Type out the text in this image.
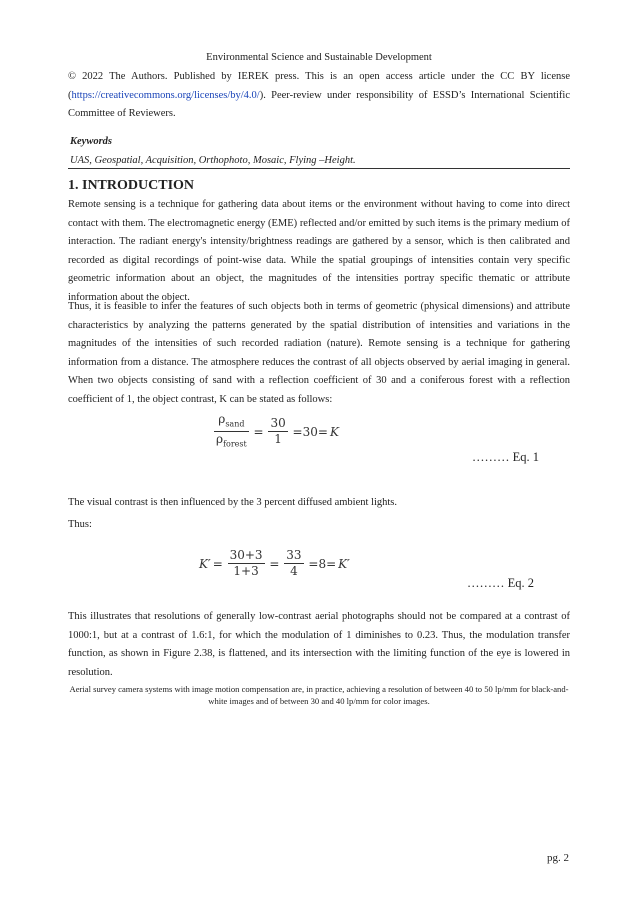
Environmental Science and Sustainable Development

© 2022 The Authors. Published by IEREK press. This is an open access article under the CC BY license (https://creativecommons.org/licenses/by/4.0/). Peer-review under responsibility of ESSD’s International Scientific Committee of Reviewers.

Keywords
UAS, Geospatial, Acquisition, Orthophoto, Mosaic, Flying –Height.
1. INTRODUCTION

Remote sensing is a technique for gathering data about items or the environment without having to come into direct contact with them. The electromagnetic energy (EME) reflected and/or emitted by such items is the primary medium of interaction. The radiant energy's intensity/brightness readings are gathered by a sensor, which is then calibrated and recorded as digital recordings of point-wise data. While the spatial groupings of intensities contain very specific geometric information about an object, the magnitudes of the intensities portray specific thematic or attribute information about the object.

Thus, it is feasible to infer the features of such objects both in terms of geometric (physical dimensions) and attribute characteristics by analyzing the patterns generated by the spatial distribution of intensities and variations in the magnitudes of the intensities of such recorded radiation (nature). Remote sensing is a technique for gathering information from a distance. The atmosphere reduces the contrast of all objects observed by aerial imaging in general. When two objects consisting of sand with a reflection coefficient of 30 and a coniferous forest with a reflection coefficient of 1, the object contrast, K can be stated as follows:

$\frac{\rho_{sand}}{\rho_{forest}} = \frac{30}{1} =30= K$
……… Eq. 1

The visual contrast is then influenced by the 3 percent diffused ambient lights.

Thus:

$K' = \frac{30+3}{1+3} = \frac{33}{4} =8= K'$
……… Eq. 2

This illustrates that resolutions of generally low-contrast aerial photographs should not be compared at a contrast of 1000:1, but at a contrast of 1.6:1, for which the modulation of 1 diminishes to 0.23. Thus, the modulation transfer function, as shown in Figure 2.38, is flattened, and its intersection with the limiting function of the eye is lowered in resolution.

Aerial survey camera systems with image motion compensation are, in practice, achieving a resolution of between 40 to 50 lp/mm for black-and-white images and of between 30 and 40 lp/mm for color images.

pg. 2
